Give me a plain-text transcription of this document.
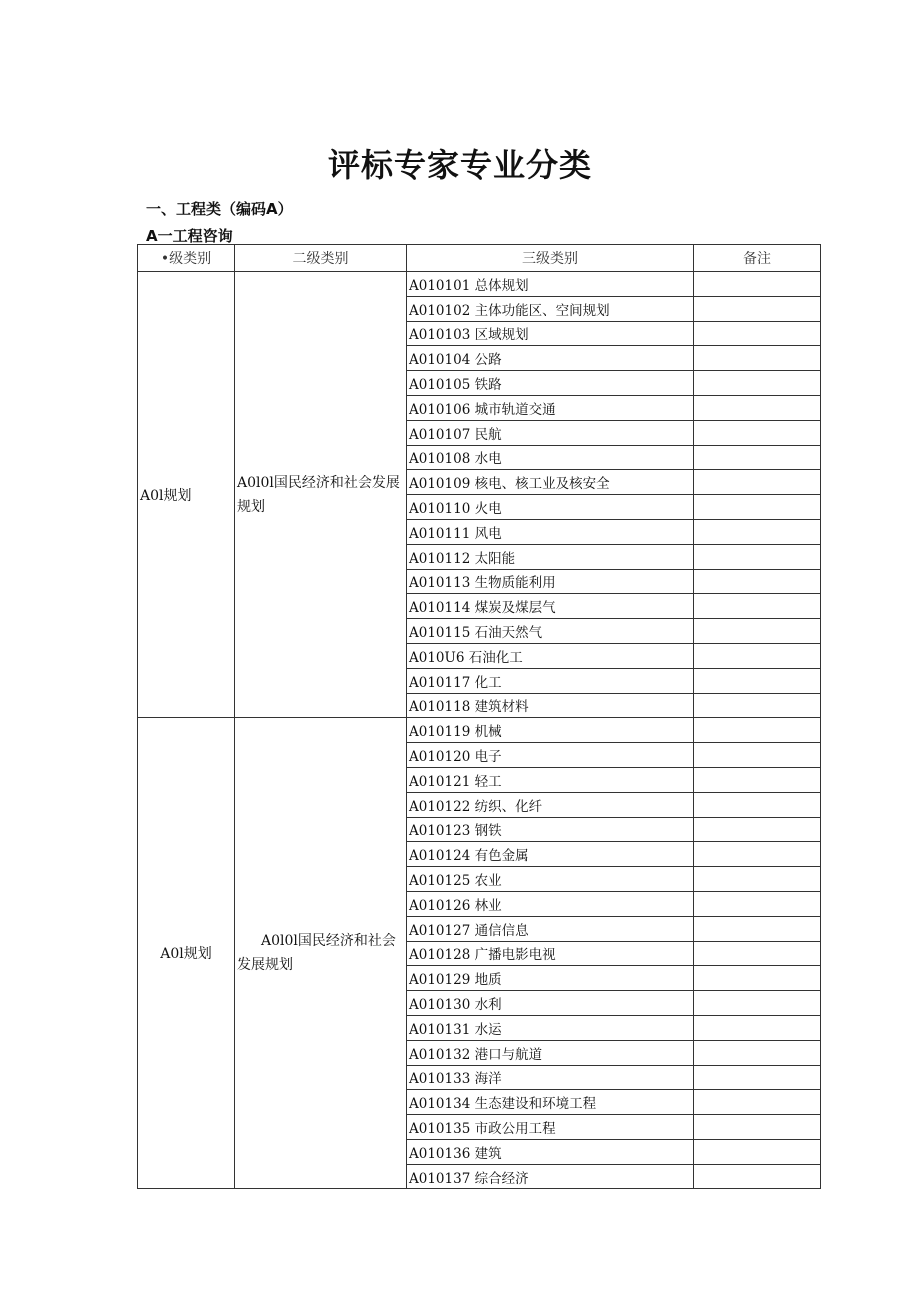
评标专家专业分类
一、工程类（编码A）
A一工程咨询
•级类别	二级类别	三级类别	备注
A0l规划	A0l0l国民经济和社会发展规划	A010101 总体规划	
		A010102 主体功能区、空间规划	
		A010103 区域规划	
		A010104 公路	
		A010105 铁路	
		A010106 城市轨道交通	
		A010107 民航	
		A010108 水电	
		A010109 核电、核工业及核安全	
		A010110 火电	
		A010111 风电	
		A010112 太阳能	
		A010113 生物质能利用	
		A010114 煤炭及煤层气	
		A010115 石油天然气	
		A010U6 石油化工	
		A010117 化工	
		A010118 建筑材料	
A0l规划	A0l0l国民经济和社会发展规划	A010119 机械	
		A010120 电子	
		A010121 轻工	
		A010122 纺织、化纤	
		A010123 钢铁	
		A010124 有色金属	
		A010125 农业	
		A010126 林业	
		A010127 通信信息	
		A010128 广播电影电视	
		A010129 地质	
		A010130 水利	
		A010131 水运	
		A010132 港口与航道	
		A010133 海洋	
		A010134 生态建设和环境工程	
		A010135 市政公用工程	
		A010136 建筑	
		A010137 综合经济	
